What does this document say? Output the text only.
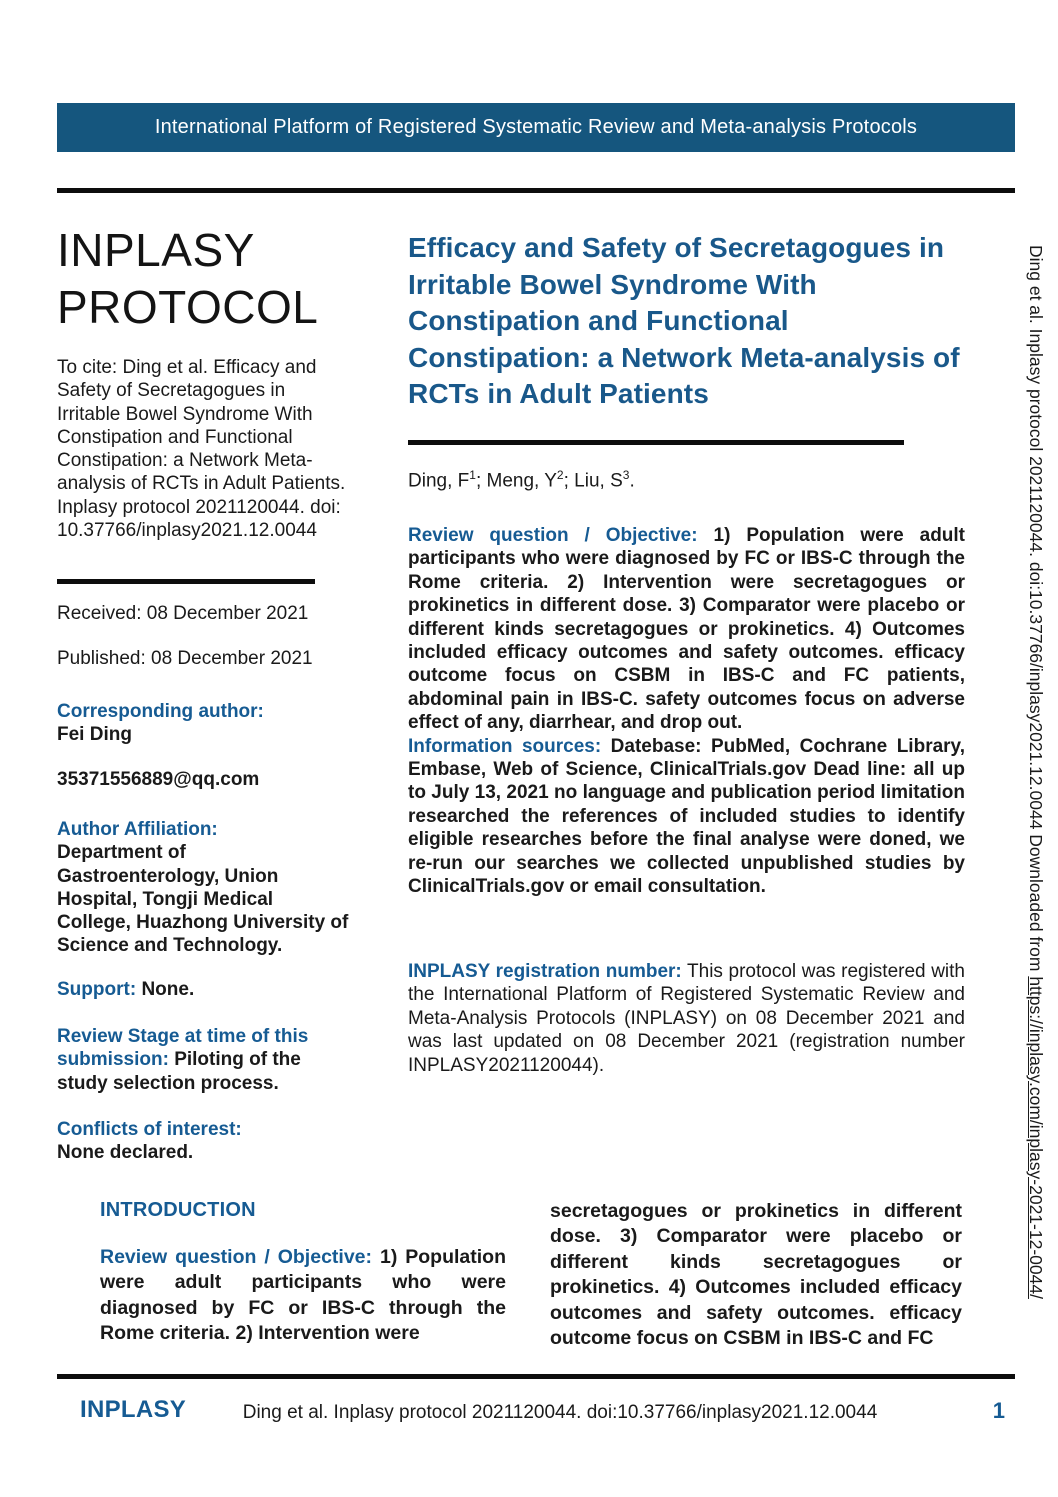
International Platform of Registered Systematic Review and Meta-analysis Protocols
INPLASY
PROTOCOL

To cite: Ding et al. Efficacy and Safety of Secretagogues in Irritable Bowel Syndrome With Constipation and Functional Constipation: a Network Meta-analysis of RCTs in Adult Patients. Inplasy protocol 2021120044. doi: 10.37766/inplasy2021.12.0044

Received: 08 December 2021

Published: 08 December 2021

Corresponding author:
Fei Ding

35371556889@qq.com

Author Affiliation:
Department of Gastroenterology, Union Hospital, Tongji Medical College, Huazhong University of Science and Technology.

Support: None.

Review Stage at time of this submission: Piloting of the study selection process.

Conflicts of interest:
None declared.

Efficacy and Safety of Secretagogues in Irritable Bowel Syndrome With Constipation and Functional Constipation: a Network Meta-analysis of RCTs in Adult Patients

Ding, $F^1$; Meng, $Y^2$; Liu, $S^3$.

Review question / Objective: 1) Population were adult participants who were diagnosed by FC or IBS-C through the Rome criteria. 2) Intervention were secretagogues or prokinetics in different dose. 3) Comparator were placebo or different kinds secretagogues or prokinetics. 4) Outcomes included efficacy outcomes and safety outcomes. efficacy outcome focus on CSBM in IBS-C and FC patients, abdominal pain in IBS-C. safety outcomes focus on adverse effect of any, diarrhear, and drop out.

Information sources: Datebase: PubMed, Cochrane Library, Embase, Web of Science, ClinicalTrials.gov Dead line: all up to July 13, 2021 no language and publication period limitation researched the references of included studies to identify eligible researches before the final analyse were doned, we re-run our searches we collected unpublished studies by ClinicalTrials.gov or email consultation.

INPLASY registration number: This protocol was registered with the International Platform of Registered Systematic Review and Meta-Analysis Protocols (INPLASY) on 08 December 2021 and was last updated on 08 December 2021 (registration number INPLASY2021120044).

INTRODUCTION

Review question / Objective: 1) Population were adult participants who were diagnosed by FC or IBS-C through the Rome criteria. 2) Intervention were

secretagogues or prokinetics in different dose. 3) Comparator were placebo or different kinds secretagogues or prokinetics. 4) Outcomes included efficacy outcomes and safety outcomes. efficacy outcome focus on CSBM in IBS-C and FC

INPLASY	Ding et al. Inplasy protocol 2021120044. doi:10.37766/inplasy2021.12.0044	1
Ding et al. Inplasy protocol 2021120044. doi:10.37766/inplasy2021.12.0044 Downloaded from https://inplasy.com/inplasy-2021-12-0044/
